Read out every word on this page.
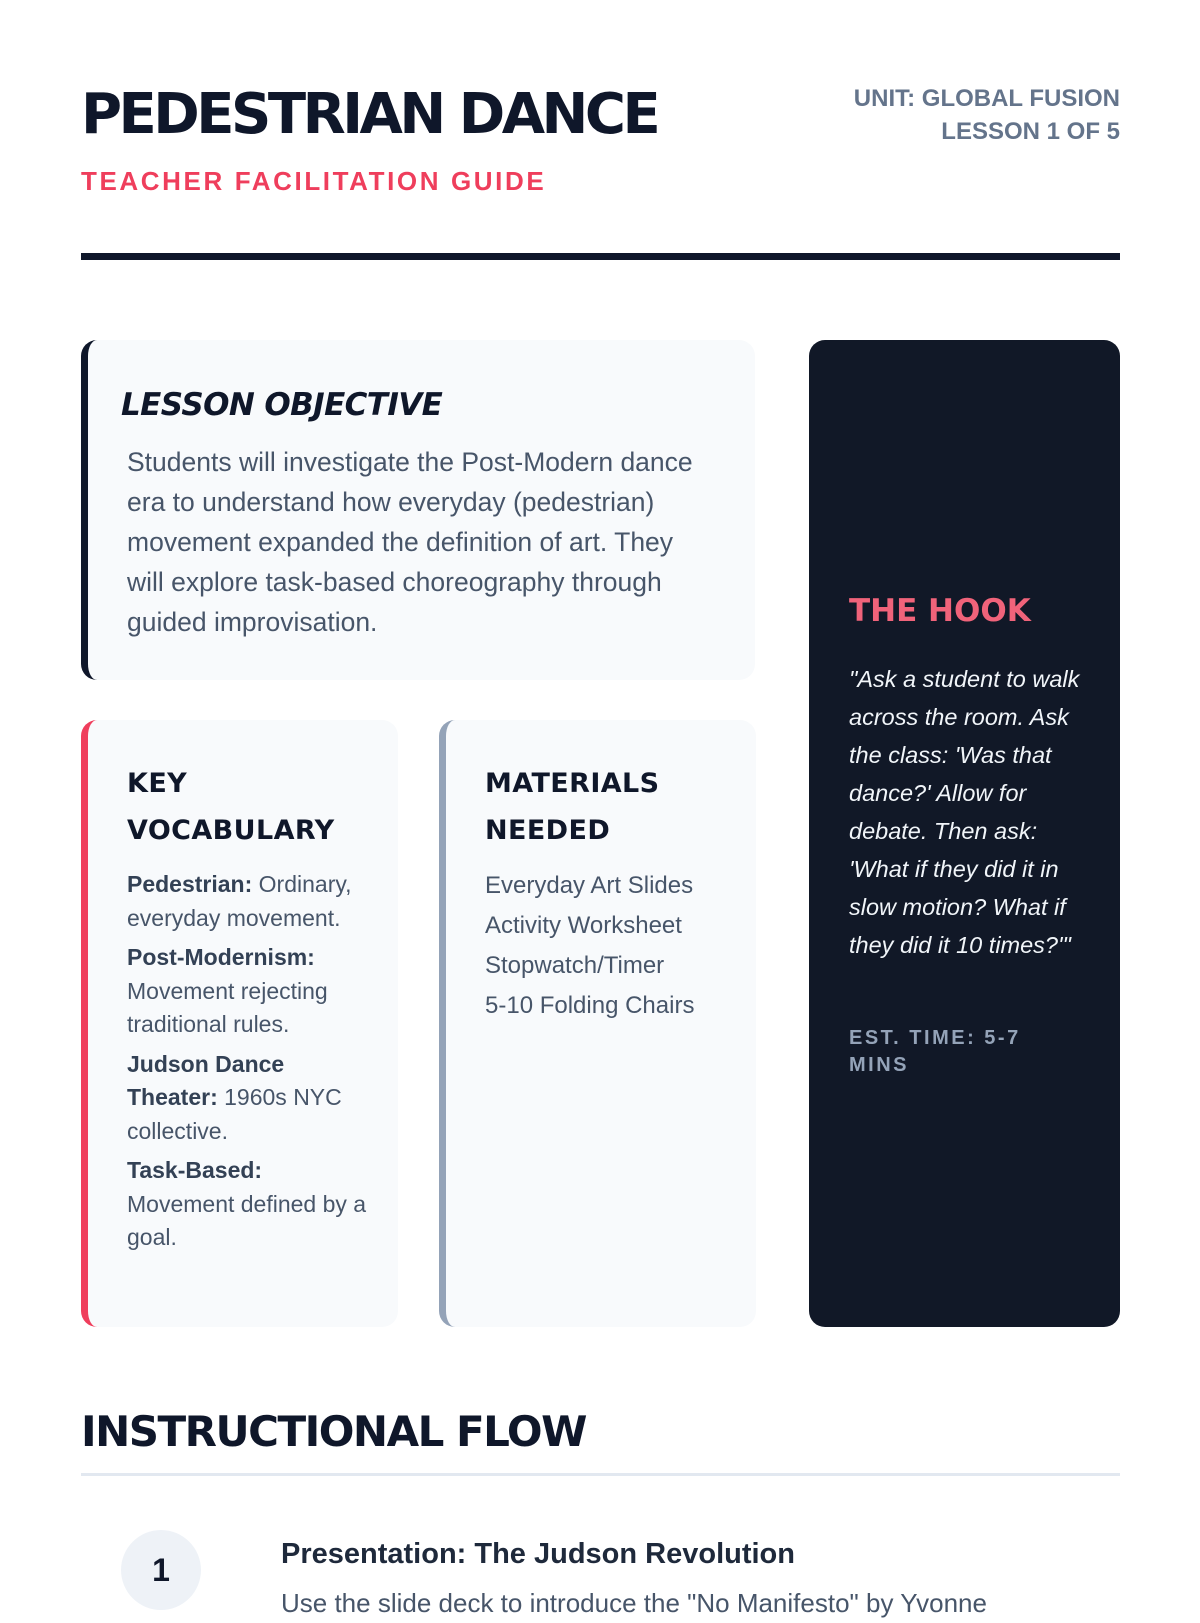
PEDESTRIAN DANCE
TEACHER FACILITATION GUIDE
UNIT: GLOBAL FUSION
LESSON 1 OF 5
LESSON OBJECTIVE

Students will investigate the Post-Modern dance era to understand how everyday (pedestrian) movement expanded the definition of art. They will explore task-based choreography through guided improvisation.

KEY VOCABULARY
Pedestrian: Ordinary, everyday movement.
Post-Modernism: Movement rejecting traditional rules.
Judson Dance Theater: 1960s NYC collective.
Task-Based: Movement defined by a goal.
MATERIALS NEEDED
Everyday Art Slides
Activity Worksheet
Stopwatch/Timer
5-10 Folding Chairs
THE HOOK

"Ask a student to walk across the room. Ask the class: 'Was that dance?' Allow for debate. Then ask: 'What if they did it in slow motion? What if they did it 10 times?'"

EST. TIME: 5-7 MINS
INSTRUCTIONAL FLOW
1	Presentation: The Judson Revolution

Use the slide deck to introduce the "No Manifesto" by Yvonne
